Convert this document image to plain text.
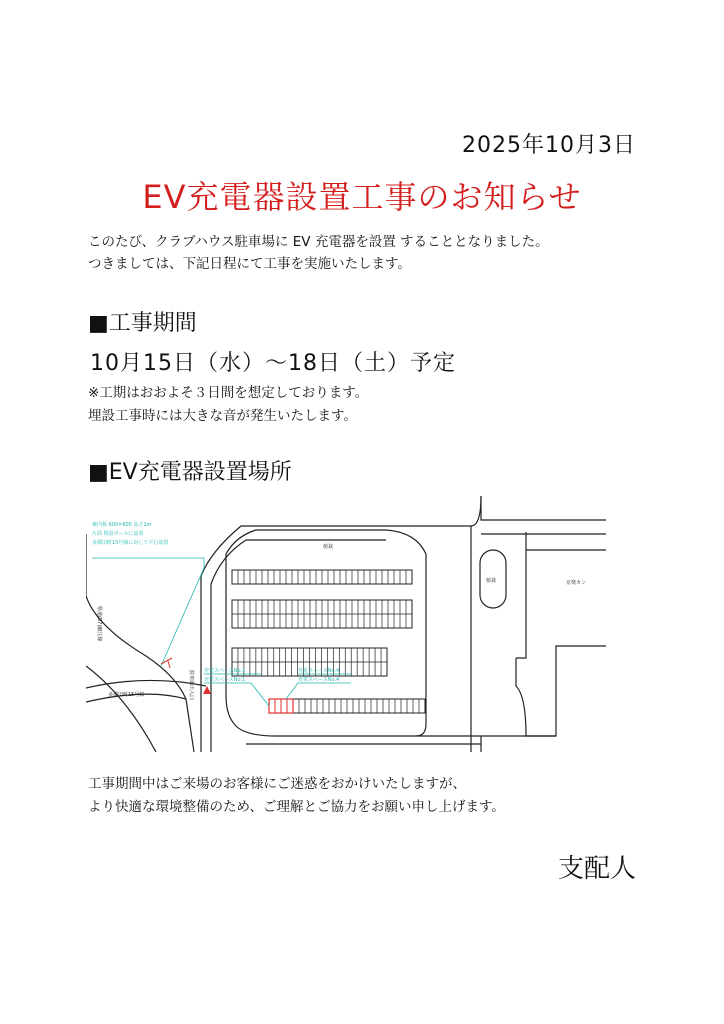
2025年10月3日
EV充電器設置工事のお知らせ
このたび、クラブハウス駐車場に EV 充電器を設置 することとなりました。
つきましては、下記日程にて工事を実施いたします。
■工事期間
10月15日（水）～18日（土）予定
※工期はおおよそ３日間を想定しております。
埋設工事時には大きな音が発生いたします。
■EV充電器設置場所
案内板 600×600 高さ2m
片面 既設ポールに設置
多都田町15号線に対して平行設置
充電スペースNo.1
充電スペースNo.1
充電スペースNo.4
充電スペースNo.4
植栽
植栽	京楽カン
多都田町15号線
県道(57)細江線
駐車場出入口
工事期間中はご来場のお客様にご迷惑をおかけいたしますが、
より快適な環境整備のため、ご理解とご協力をお願い申し上げます。
支配人
